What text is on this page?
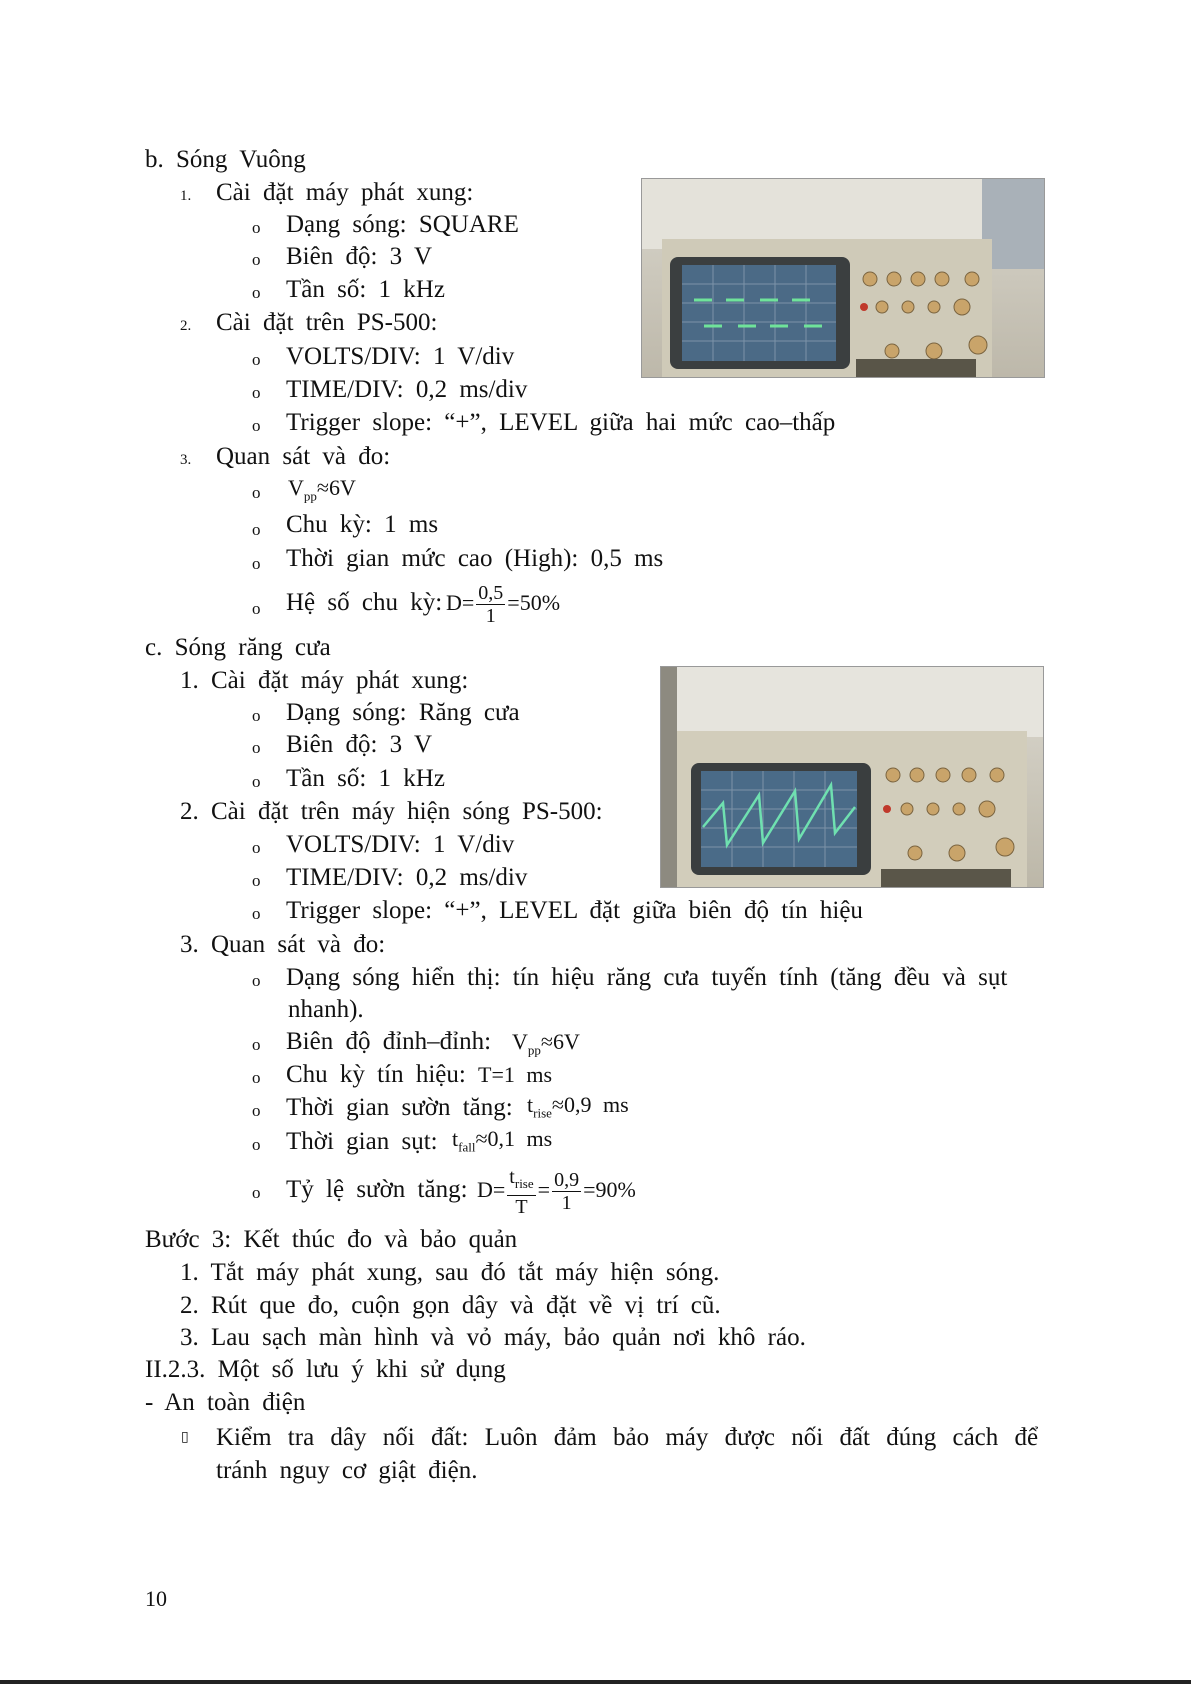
b. Sóng Vuông
1. Cài đặt máy phát xung:
o Dạng sóng: SQUARE
o Biên độ: 3 V
o Tần số: 1 kHz
2. Cài đặt trên PS-500:
o VOLTS/DIV: 1 V/div
o TIME/DIV: 0,2 ms/div
o Trigger slope: “+”, LEVEL giữa hai mức cao–thấp
3. Quan sát và đo:
o $V_{pp}\approx 6V$
o Chu kỳ: 1 ms
o Thời gian mức cao (High): 0,5 ms
o Hệ số chu kỳ: $D= \frac{0,5}{1} =50\%$
c. Sóng răng cưa
1. Cài đặt máy phát xung:
o Dạng sóng: Răng cưa
o Biên độ: 3 V
o Tần số: 1 kHz
2. Cài đặt trên máy hiện sóng PS-500:
o VOLTS/DIV: 1 V/div
o TIME/DIV: 0,2 ms/div
o Trigger slope: “+”, LEVEL đặt giữa biên độ tín hiệu
3. Quan sát và đo:
o Dạng sóng hiển thị: tín hiệu răng cưa tuyến tính (tăng đều và sụt
nhanh).
o Biên độ đỉnh–đỉnh: $V_{pp}\approx 6V$
o Chu kỳ tín hiệu: T=1 ms
o Thời gian sườn tăng: $t_{rise}\approx 0,9$ ms
o Thời gian sụt: $t_{fall}\approx 0,1$ ms
o Tỷ lệ sườn tăng: $D= \frac{t_{rise}}{T} = \frac{0,9}{1} =90\%$
Bước 3: Kết thúc đo và bảo quản
1. Tắt máy phát xung, sau đó tắt máy hiện sóng.
2. Rút que đo, cuộn gọn dây và đặt về vị trí cũ.
3. Lau sạch màn hình và vỏ máy, bảo quản nơi khô ráo.
II.2.3. Một số lưu ý khi sử dụng
- An toàn điện
▯ Kiểm tra dây nối đất: Luôn đảm bảo máy được nối đất đúng cách để
tránh nguy cơ giật điện.
10
